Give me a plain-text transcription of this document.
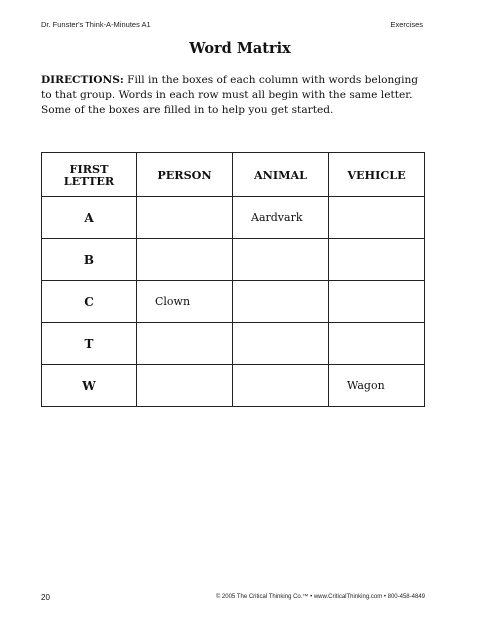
Dr. Funster's Think-A-Minutes A1	Exercises
Word Matrix
DIRECTIONS: Fill in the boxes of each column with words belonging to that group. Words in each row must all begin with the same letter. Some of the boxes are filled in to help you get started.
FIRST
LETTER	PERSON	ANIMAL	VEHICLE
A		Aardvark	
B			
C	Clown		
T			
W			Wagon
20	© 2005 The Critical Thinking Co.™ • www.CriticalThinking.com • 800-458-4849
